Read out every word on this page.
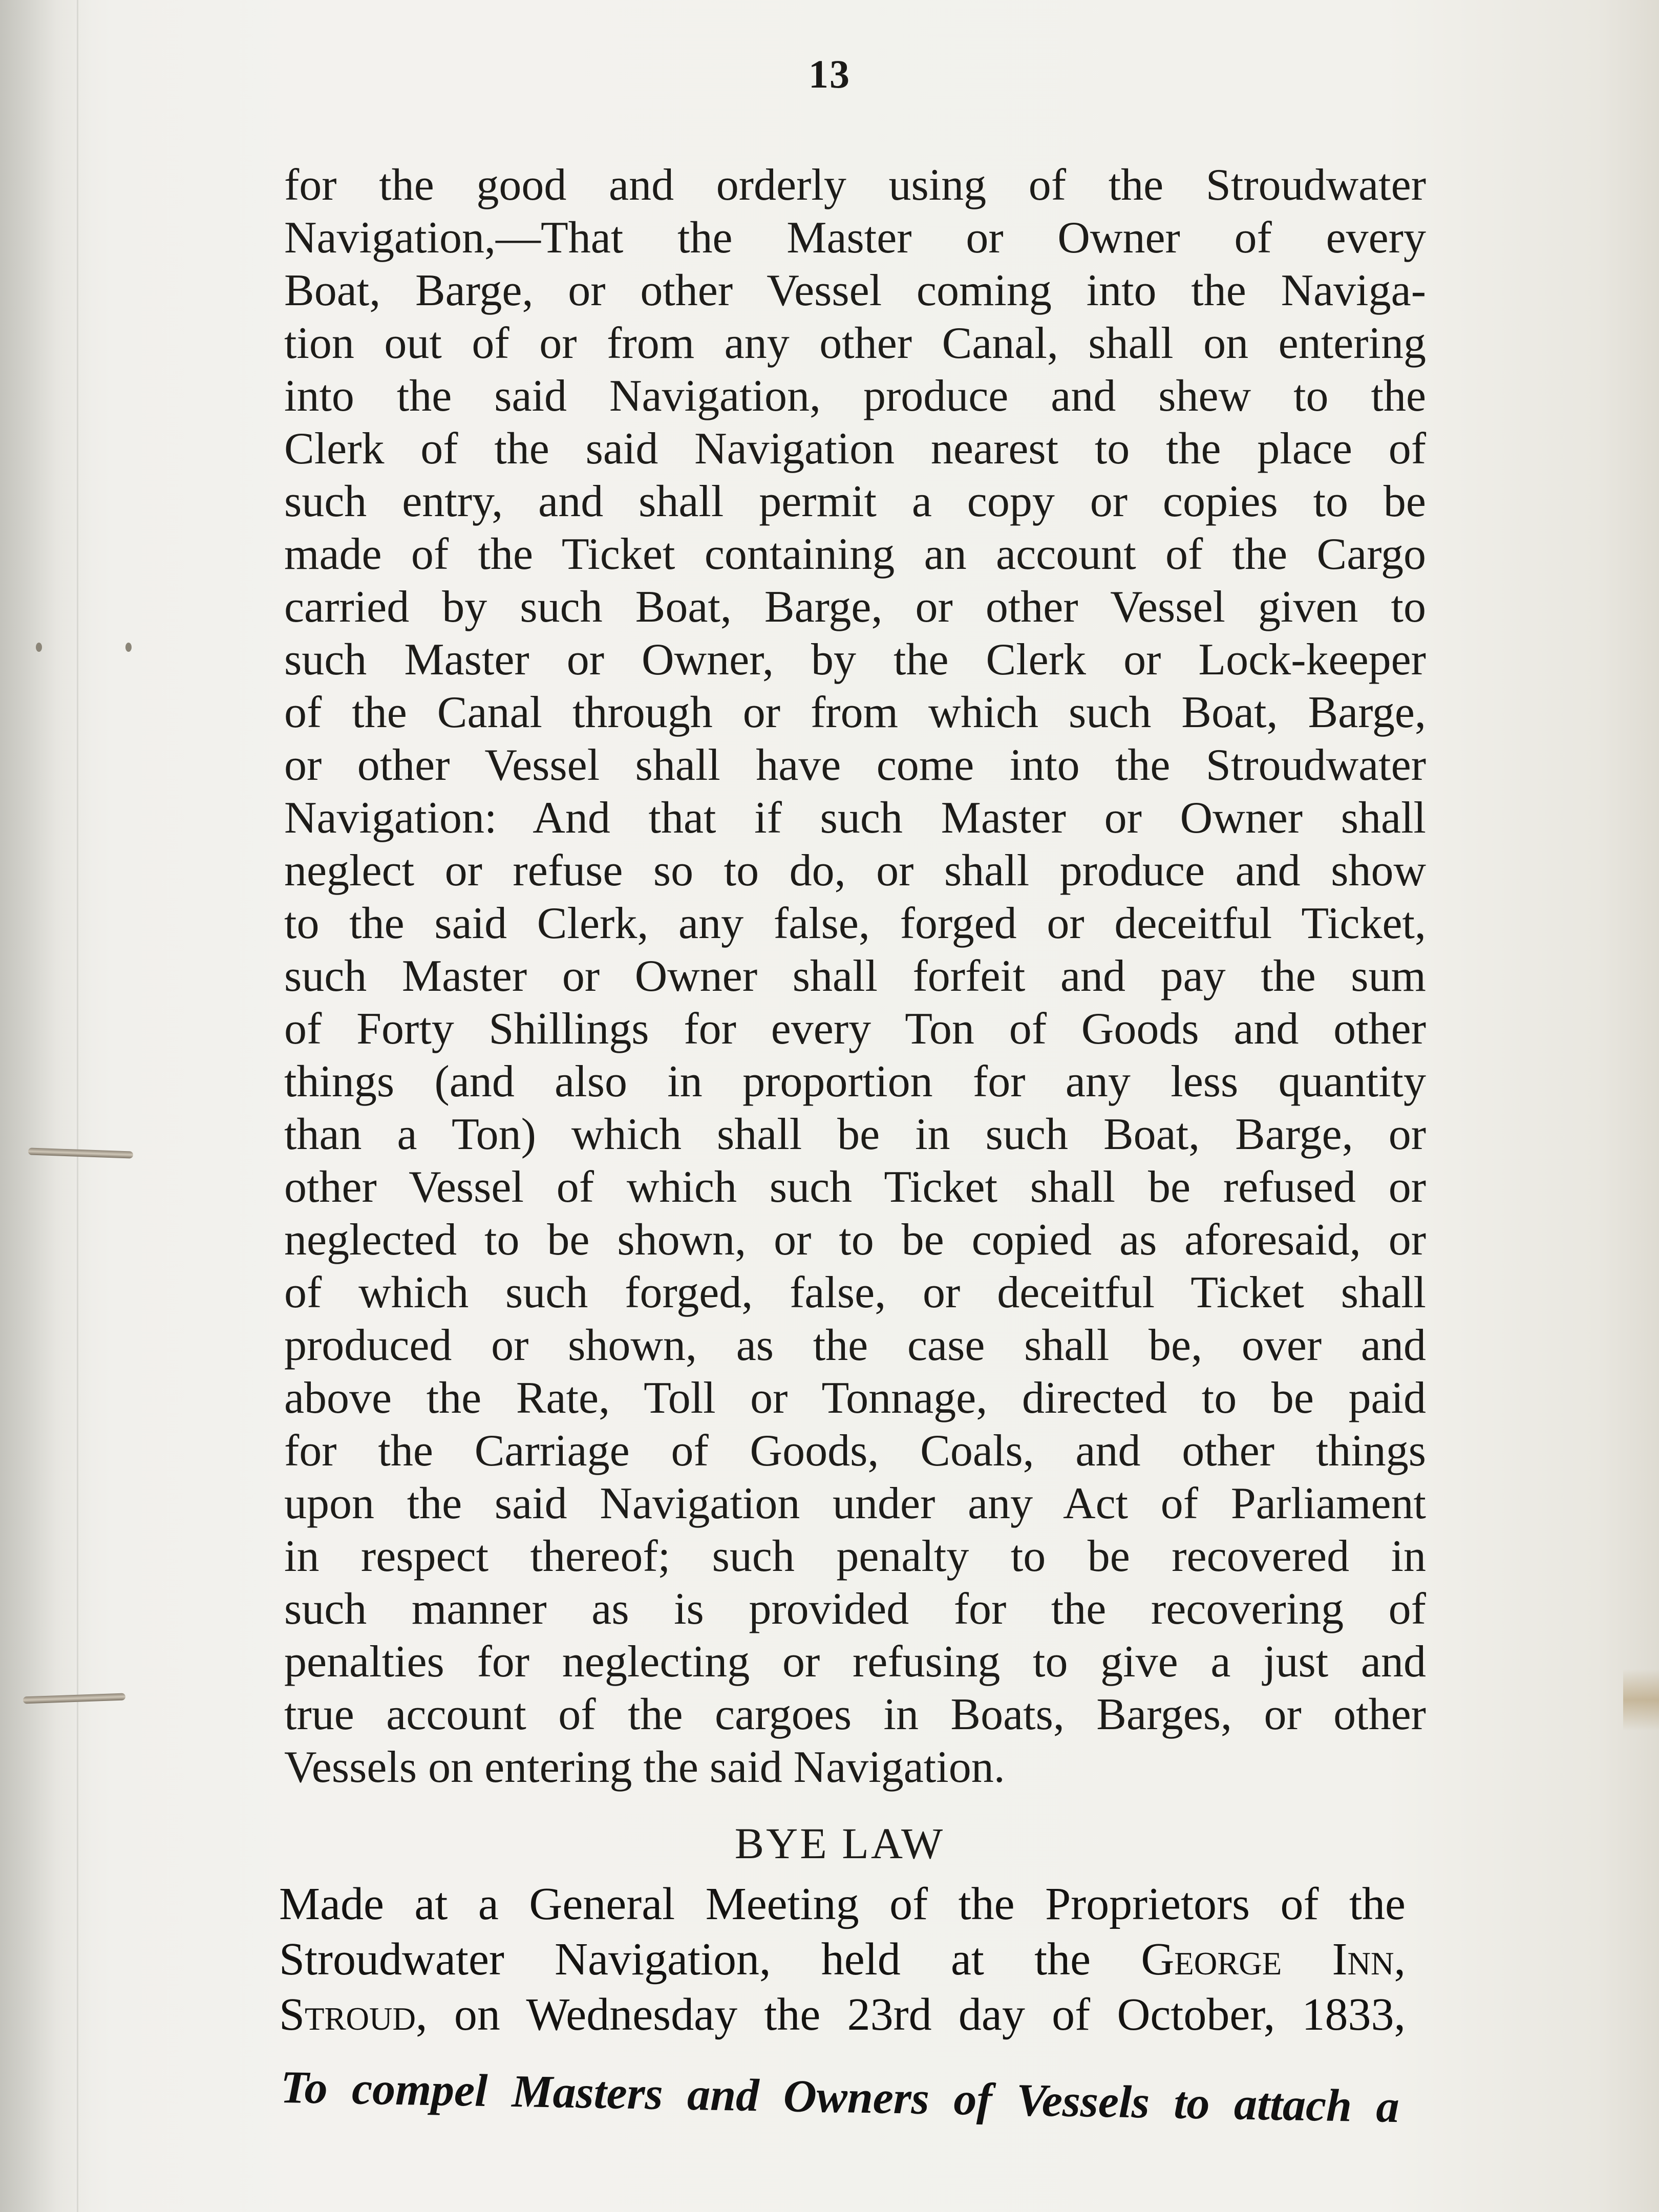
13
for the good and orderly using of the Stroudwater
Navigation,—That the Master or Owner of every
Boat, Barge, or other Vessel coming into the Naviga-
tion out of or from any other Canal, shall on entering
into the said Navigation, produce and shew to the
Clerk of the said Navigation nearest to the place of
such entry, and shall permit a copy or copies to be
made of the Ticket containing an account of the Cargo
carried by such Boat, Barge, or other Vessel given to
such Master or Owner, by the Clerk or Lock-keeper
of the Canal through or from which such Boat, Barge,
or other Vessel shall have come into the Stroudwater
Navigation: And that if such Master or Owner shall
neglect or refuse so to do, or shall produce and show
to the said Clerk, any false, forged or deceitful Ticket,
such Master or Owner shall forfeit and pay the sum
of Forty Shillings for every Ton of Goods and other
things (and also in proportion for any less quantity
than a Ton) which shall be in such Boat, Barge, or
other Vessel of which such Ticket shall be refused or
neglected to be shown, or to be copied as aforesaid, or
of which such forged, false, or deceitful Ticket shall
produced or shown, as the case shall be, over and
above the Rate, Toll or Tonnage, directed to be paid
for the Carriage of Goods, Coals, and other things
upon the said Navigation under any Act of Parliament
in respect thereof; such penalty to be recovered in
such manner as is provided for the recovering of
penalties for neglecting or refusing to give a just and
true account of the cargoes in Boats, Barges, or other
Vessels on entering the said Navigation.
BYE LAW
Made at a General Meeting of the Proprietors of the
Stroudwater Navigation, held at the George Inn,
Stroud, on Wednesday the 23rd day of October, 1833,
To compel Masters and Owners of Vessels to attach a
